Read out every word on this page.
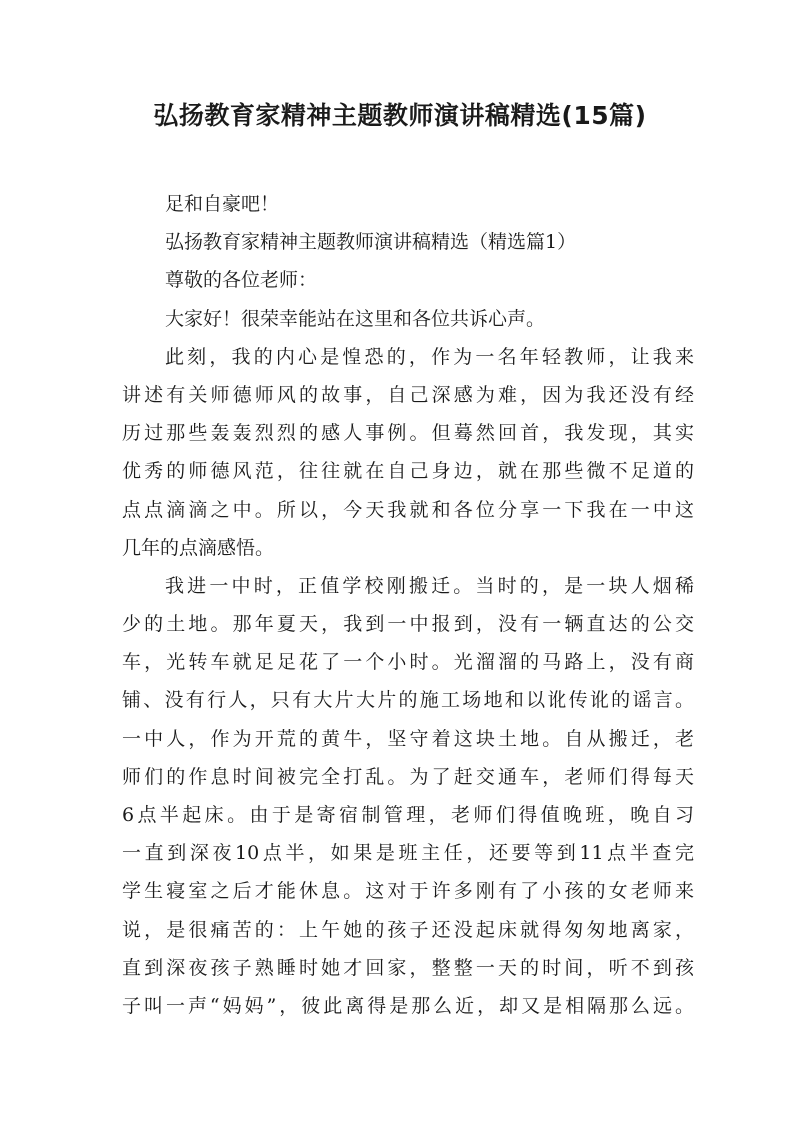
弘扬教育家精神主题教师演讲稿精选(15篇)
足和自豪吧！
弘扬教育家精神主题教师演讲稿精选（精选篇1）
尊敬的各位老师：
大家好！很荣幸能站在这里和各位共诉心声。
此刻，我的内心是惶恐的，作为一名年轻教师，让我来
讲述有关师德师风的故事，自己深感为难，因为我还没有经
历过那些轰轰烈烈的感人事例。但蓦然回首，我发现，其实
优秀的师德风范，往往就在自己身边，就在那些微不足道的
点点滴滴之中。所以，今天我就和各位分享一下我在一中这
几年的点滴感悟。
我进一中时，正值学校刚搬迁。当时的，是一块人烟稀
少的土地。那年夏天，我到一中报到，没有一辆直达的公交
车，光转车就足足花了一个小时。光溜溜的马路上，没有商
铺、没有行人，只有大片大片的施工场地和以讹传讹的谣言。
一中人，作为开荒的黄牛，坚守着这块土地。自从搬迁，老
师们的作息时间被完全打乱。为了赶交通车，老师们得每天
6点半起床。由于是寄宿制管理，老师们得值晚班，晚自习
一直到深夜10点半，如果是班主任，还要等到11点半查完
学生寝室之后才能休息。这对于许多刚有了小孩的女老师来
说，是很痛苦的：上午她的孩子还没起床就得匆匆地离家，
直到深夜孩子熟睡时她才回家，整整一天的时间，听不到孩
子叫一声“妈妈”，彼此离得是那么近，却又是相隔那么远。
